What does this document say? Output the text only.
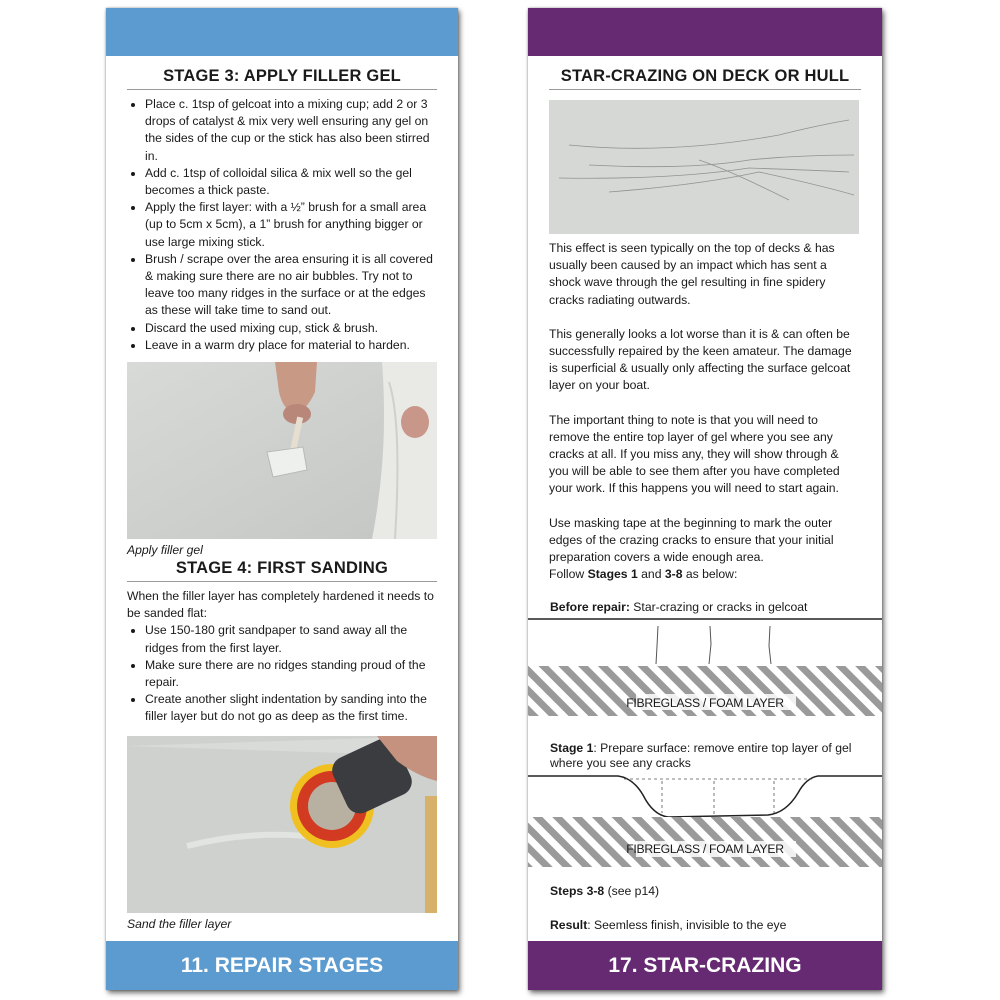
STAGE 3: APPLY FILLER GEL
• Place c. 1tsp of gelcoat into a mixing cup; add 2 or 3 drops of catalyst & mix very well ensuring any gel on the sides of the cup or the stick has also been stirred in.
• Add c. 1tsp of colloidal silica & mix well so the gel becomes a thick paste.
• Apply the first layer: with a ½” brush for a small area (up to 5cm x 5cm), a 1” brush for anything bigger or use large mixing stick.
• Brush / scrape over the area ensuring it is all covered & making sure there are no air bubbles. Try not to leave too many ridges in the surface or at the edges as these will take time to sand out.
• Discard the used mixing cup, stick & brush.
• Leave in a warm dry place for material to harden.
Apply filler gel
STAGE 4: FIRST SANDING

When the filler layer has completely hardened it needs to be sanded flat:

• Use 150-180 grit sandpaper to sand away all the ridges from the first layer.
• Make sure there are no ridges standing proud of the repair.
• Create another slight indentation by sanding into the filler layer but do not go as deep as the first time.
Sand the filler layer
11. REPAIR STAGES
STAR-CRAZING ON DECK OR HULL

This effect is seen typically on the top of decks & has usually been caused by an impact which has sent a shock wave through the gel resulting in fine spidery cracks radiating outwards.

This generally looks a lot worse than it is & can often be successfully repaired by the keen amateur. The damage is superficial & usually only affecting the surface gelcoat layer on your boat.

The important thing to note is that you will need to remove the entire top layer of gel where you see any cracks at all. If you miss any, they will show through & you will be able to see them after you have completed your work. If this happens you will need to start again.

Use masking tape at the beginning to mark the outer edges of the crazing cracks to ensure that your initial preparation covers a wide enough area.

Follow Stages 1 and 3-8 as below:

Before repair: Star-crazing or cracks in gelcoat
FIBREGLASS / FOAM LAYER
Stage 1: Prepare surface: remove entire top layer of gel where you see any cracks
FIBREGLASS / FOAM LAYER
Steps 3-8 (see p14)
Result: Seemless finish, invisible to the eye
17. STAR-CRAZING
